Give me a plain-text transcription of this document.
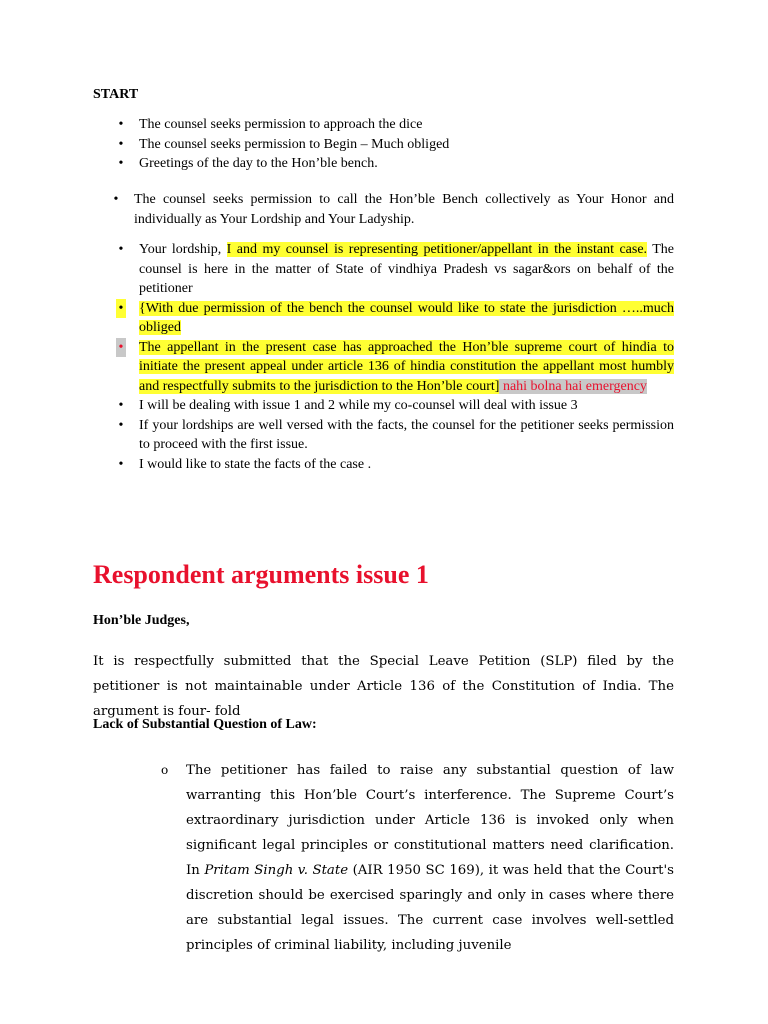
START
• The counsel seeks permission to approach the dice
• The counsel seeks permission to Begin – Much obliged
• Greetings of the day to the Hon’ble bench.
• The counsel seeks permission to call the Hon’ble Bench collectively as Your Honor and individually as Your Lordship and Your Ladyship.
• Your lordship, I and my counsel is representing petitioner/appellant in the instant case. The counsel is here in the matter of State of vindhiya Pradesh vs sagar&ors on behalf of the petitioner
• {With due permission of the bench the counsel would like to state the jurisdiction …..much obliged
• The appellant in the present case has approached the Hon’ble supreme court of hindia to initiate the present appeal under article 136 of hindia constitution the appellant most humbly and respectfully submits to the jurisdiction to the Hon’ble court] nahi bolna hai emergency
• I will be dealing with issue 1 and 2 while my co-counsel will deal with issue 3
• If your lordships are well versed with the facts, the counsel for the petitioner seeks permission to proceed with the first issue.
• I would like to state the facts of the case .
Respondent arguments issue 1
Hon’ble Judges,
It is respectfully submitted that the Special Leave Petition (SLP) filed by the petitioner is not maintainable under Article 136 of the Constitution of India. The argument is four- fold
Lack of Substantial Question of Law:
o The petitioner has failed to raise any substantial question of law warranting this Hon’ble Court’s interference. The Supreme Court’s extraordinary jurisdiction under Article 136 is invoked only when significant legal principles or constitutional matters need clarification. In Pritam Singh v. State (AIR 1950 SC 169), it was held that the Court's discretion should be exercised sparingly and only in cases where there are substantial legal issues. The current case involves well-settled principles of criminal liability, including juvenile
